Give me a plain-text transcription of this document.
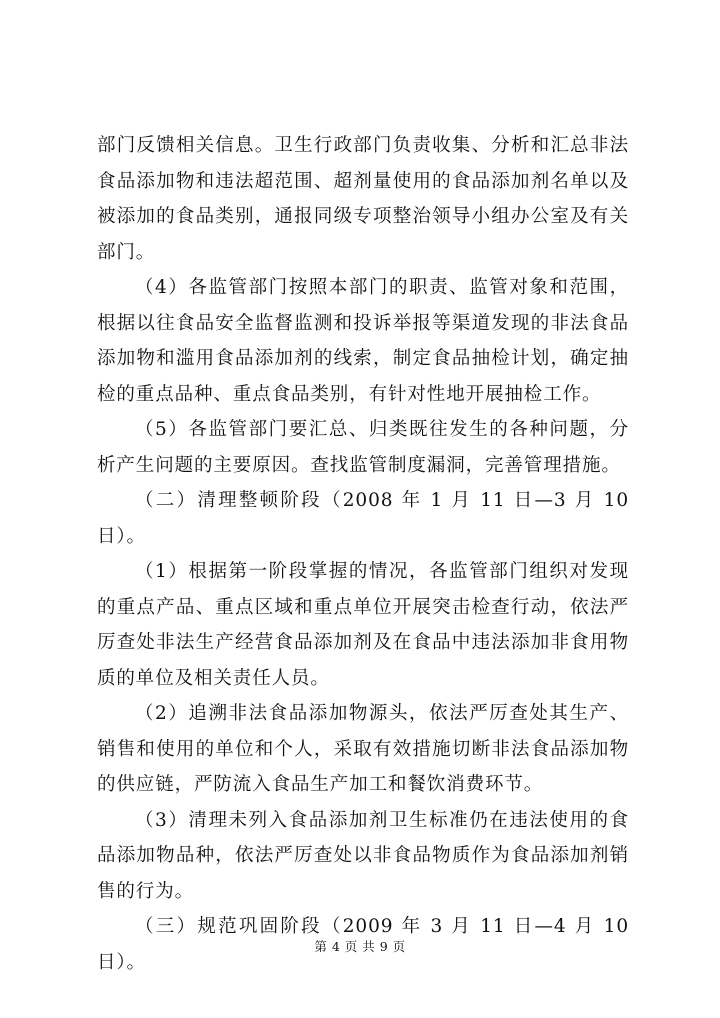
部门反馈相关信息。卫生行政部门负责收集、分析和汇总非法食品添加物和违法超范围、超剂量使用的食品添加剂名单以及被添加的食品类别，通报同级专项整治领导小组办公室及有关部门。

（4）各监管部门按照本部门的职责、监管对象和范围，根据以往食品安全监督监测和投诉举报等渠道发现的非法食品添加物和滥用食品添加剂的线索，制定食品抽检计划，确定抽检的重点品种、重点食品类别，有针对性地开展抽检工作。

（5）各监管部门要汇总、归类既往发生的各种问题，分析产生问题的主要原因。查找监管制度漏洞，完善管理措施。

（二）清理整顿阶段（2008 年 1 月 11 日—3 月 10 日）。

（1）根据第一阶段掌握的情况，各监管部门组织对发现的重点产品、重点区域和重点单位开展突击检查行动，依法严厉查处非法生产经营食品添加剂及在食品中违法添加非食用物质的单位及相关责任人员。

（2）追溯非法食品添加物源头，依法严厉查处其生产、销售和使用的单位和个人，采取有效措施切断非法食品添加物的供应链，严防流入食品生产加工和餐饮消费环节。

（3）清理未列入食品添加剂卫生标准仍在违法使用的食品添加物品种，依法严厉查处以非食品物质作为食品添加剂销售的行为。

（三）规范巩固阶段（2009 年 3 月 11 日—4 月 10 日）。

第 4 页 共 9 页
